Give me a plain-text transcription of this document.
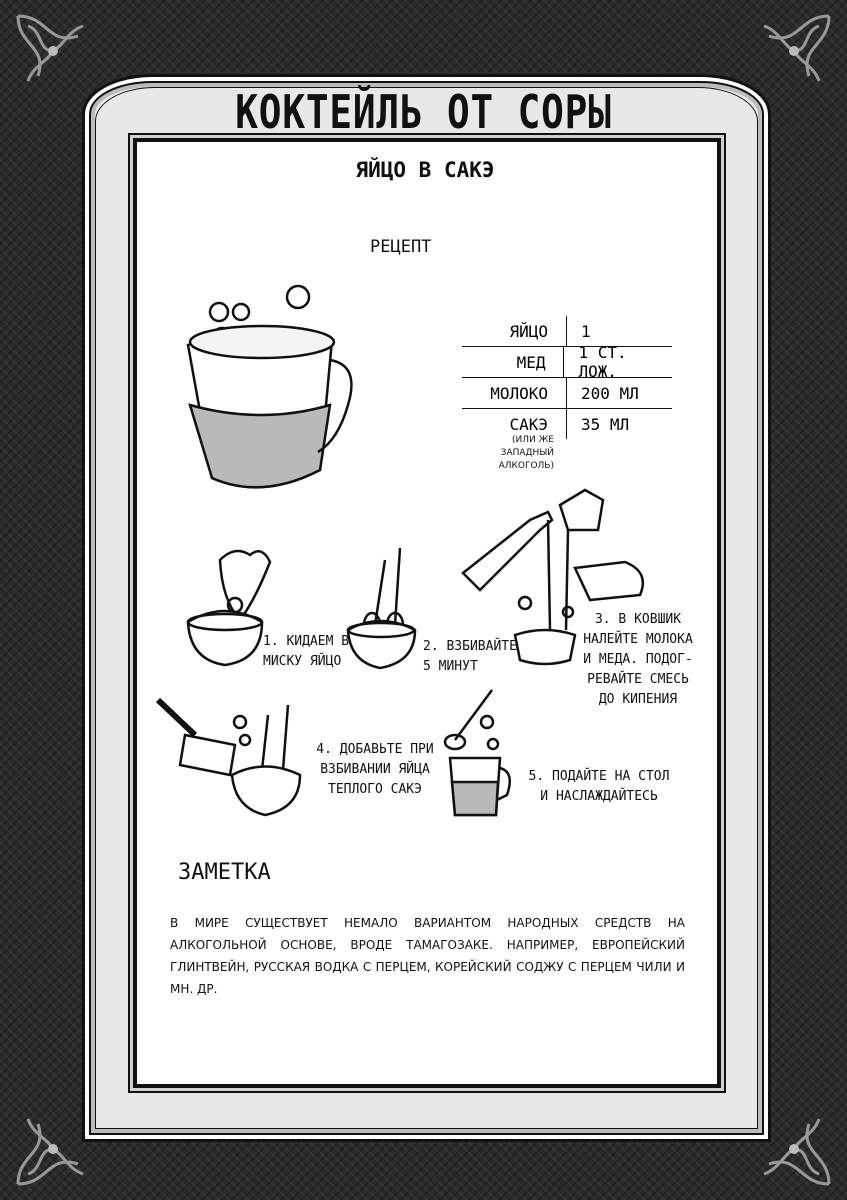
КОКТЕЙЛЬ ОТ СОРЫ
ЯЙЦО В САКЭ
РЕЦЕПТ
ЯЙЦО	1
МЕД	1 СТ. ЛОЖ.
МОЛОКО	200 МЛ
САКЭ	35 МЛ
(ИЛИ ЖЕ ЗАПАДНЫЙ АЛКОГОЛЬ)
1. КИДАЕМ В МИСКУ ЯЙЦО
2. ВЗБИВАЙТЕ 5 МИНУТ
3. В КОВШИК НАЛЕЙТЕ МОЛОКА И МЕДА. ПОДОГ-РЕВАЙТЕ СМЕСЬ ДО КИПЕНИЯ
4. ДОБАВЬТЕ ПРИ ВЗБИВАНИИ ЯЙЦА ТЕПЛОГО САКЭ
5. ПОДАЙТЕ НА СТОЛ И НАСЛАЖДАЙТЕСЬ
ЗАМЕТКА
В МИРЕ СУЩЕСТВУЕТ НЕМАЛО ВАРИАНТОМ НАРОДНЫХ СРЕДСТВ НА АЛКОГОЛЬНОЙ ОСНОВЕ, ВРОДЕ ТАМАГОЗАКЕ. НАПРИМЕР, ЕВРОПЕЙСКИЙ ГЛИНТВЕЙН, РУССКАЯ ВОДКА С ПЕРЦЕМ, КОРЕЙСКИЙ СОДЖУ С ПЕРЦЕМ ЧИЛИ И МН. ДР.
